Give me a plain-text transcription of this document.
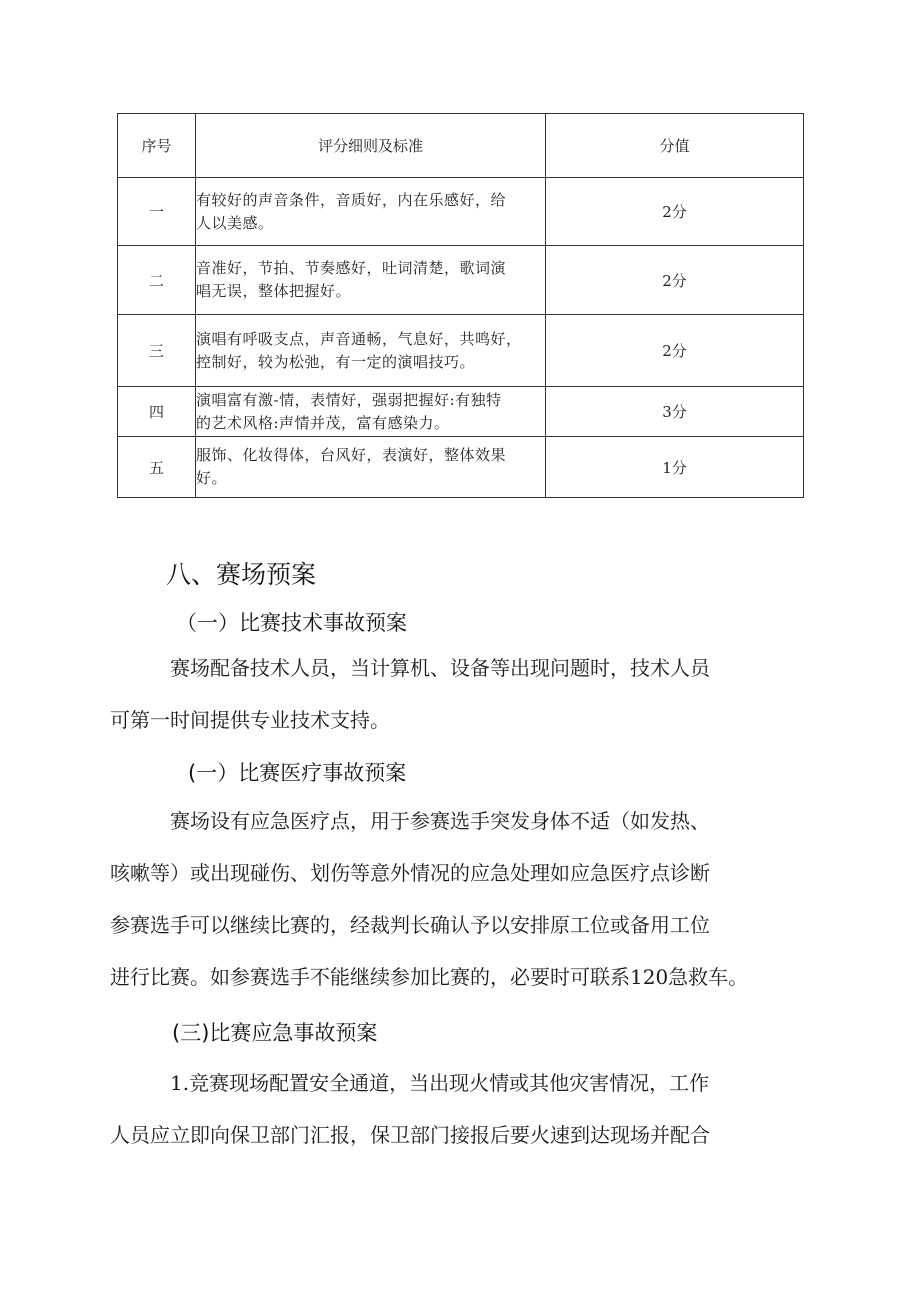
序号	评分细则及标准	分值
一	有较好的声音条件，音质好，内在乐感好，给
人以美感。	2分
二	音准好，节拍、节奏感好，吐词清楚，歌词演
唱无误，整体把握好。	2分
三	演唱有呼吸支点，声音通畅，气息好，共鸣好，
控制好，较为松弛，有一定的演唱技巧。	2分
四	演唱富有激-情，表情好，强弱把握好:有独特
的艺术风格:声情并茂，富有感染力。	3分
五	服饰、化妆得体，台风好，表演好，整体效果
好。	1分
八、赛场预案
（一）比赛技术事故预案
赛场配备技术人员，当计算机、设备等出现问题时，技术人员
可第一时间提供专业技术支持。
(一）比赛医疗事故预案
赛场设有应急医疗点，用于参赛选手突发身体不适（如发热、
咳嗽等）或出现碰伤、划伤等意外情况的应急处理如应急医疗点诊断
参赛选手可以继续比赛的，经裁判长确认予以安排原工位或备用工位
进行比赛。如参赛选手不能继续参加比赛的，必要时可联系120急救车。
(三)比赛应急事故预案
1.竞赛现场配置安全通道，当出现火情或其他灾害情况，工作
人员应立即向保卫部门汇报，保卫部门接报后要火速到达现场并配合
